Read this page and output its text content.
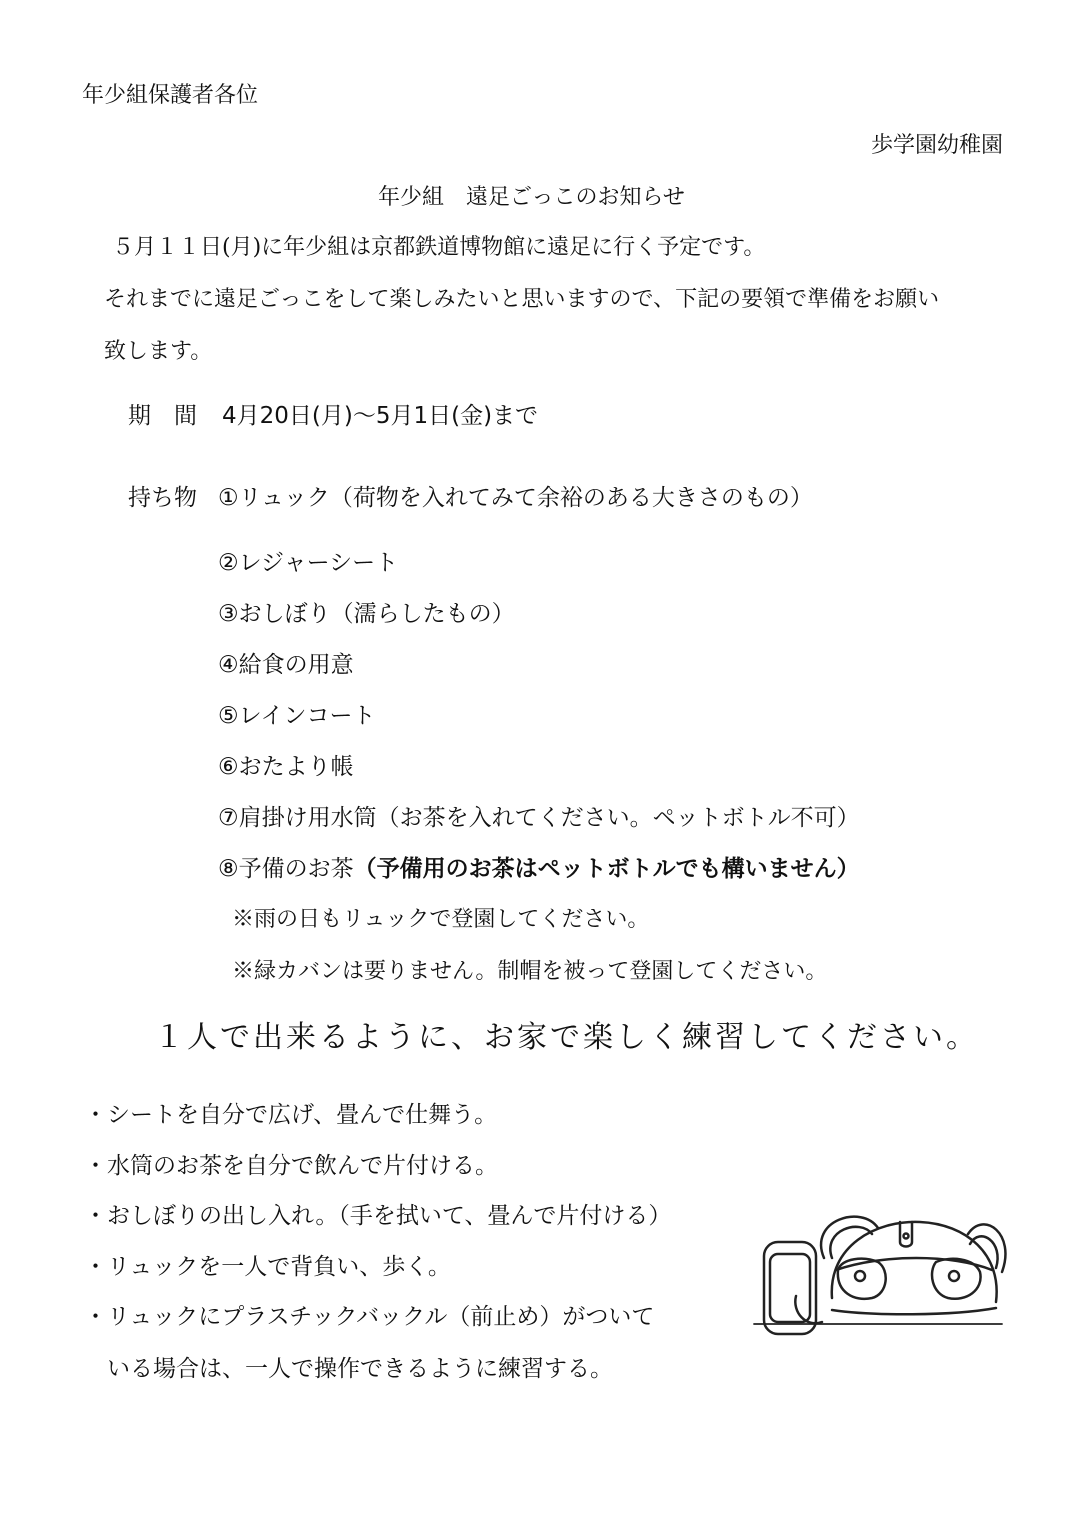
年少組保護者各位
歩学園幼稚園
年少組　遠足ごっこのお知らせ
５月１１日(月)に年少組は京都鉄道博物館に遠足に行く予定です。
それまでに遠足ごっこをして楽しみたいと思いますので、下記の要領で準備をお願い
致します。
期　間 4月20日(月)～5月1日(金)まで
持ち物 ①リュック（荷物を入れてみて余裕のある大きさのもの）
②レジャーシート
③おしぼり（濡らしたもの）
④給食の用意
⑤レインコート
⑥おたより帳
⑦肩掛け用水筒（お茶を入れてください。ペットボトル不可）
⑧予備のお茶（予備用のお茶はペットボトルでも構いません）
※雨の日もリュックで登園してください。
※緑カバンは要りません。制帽を被って登園してください。
１人で出来るように、お家で楽しく練習してください。
・シートを自分で広げ、畳んで仕舞う。
・水筒のお茶を自分で飲んで片付ける。
・おしぼりの出し入れ。（手を拭いて、畳んで片付ける）
・リュックを一人で背負い、歩く。
・リュックにプラスチックバックル（前止め）がついて
　いる場合は、一人で操作できるように練習する。
